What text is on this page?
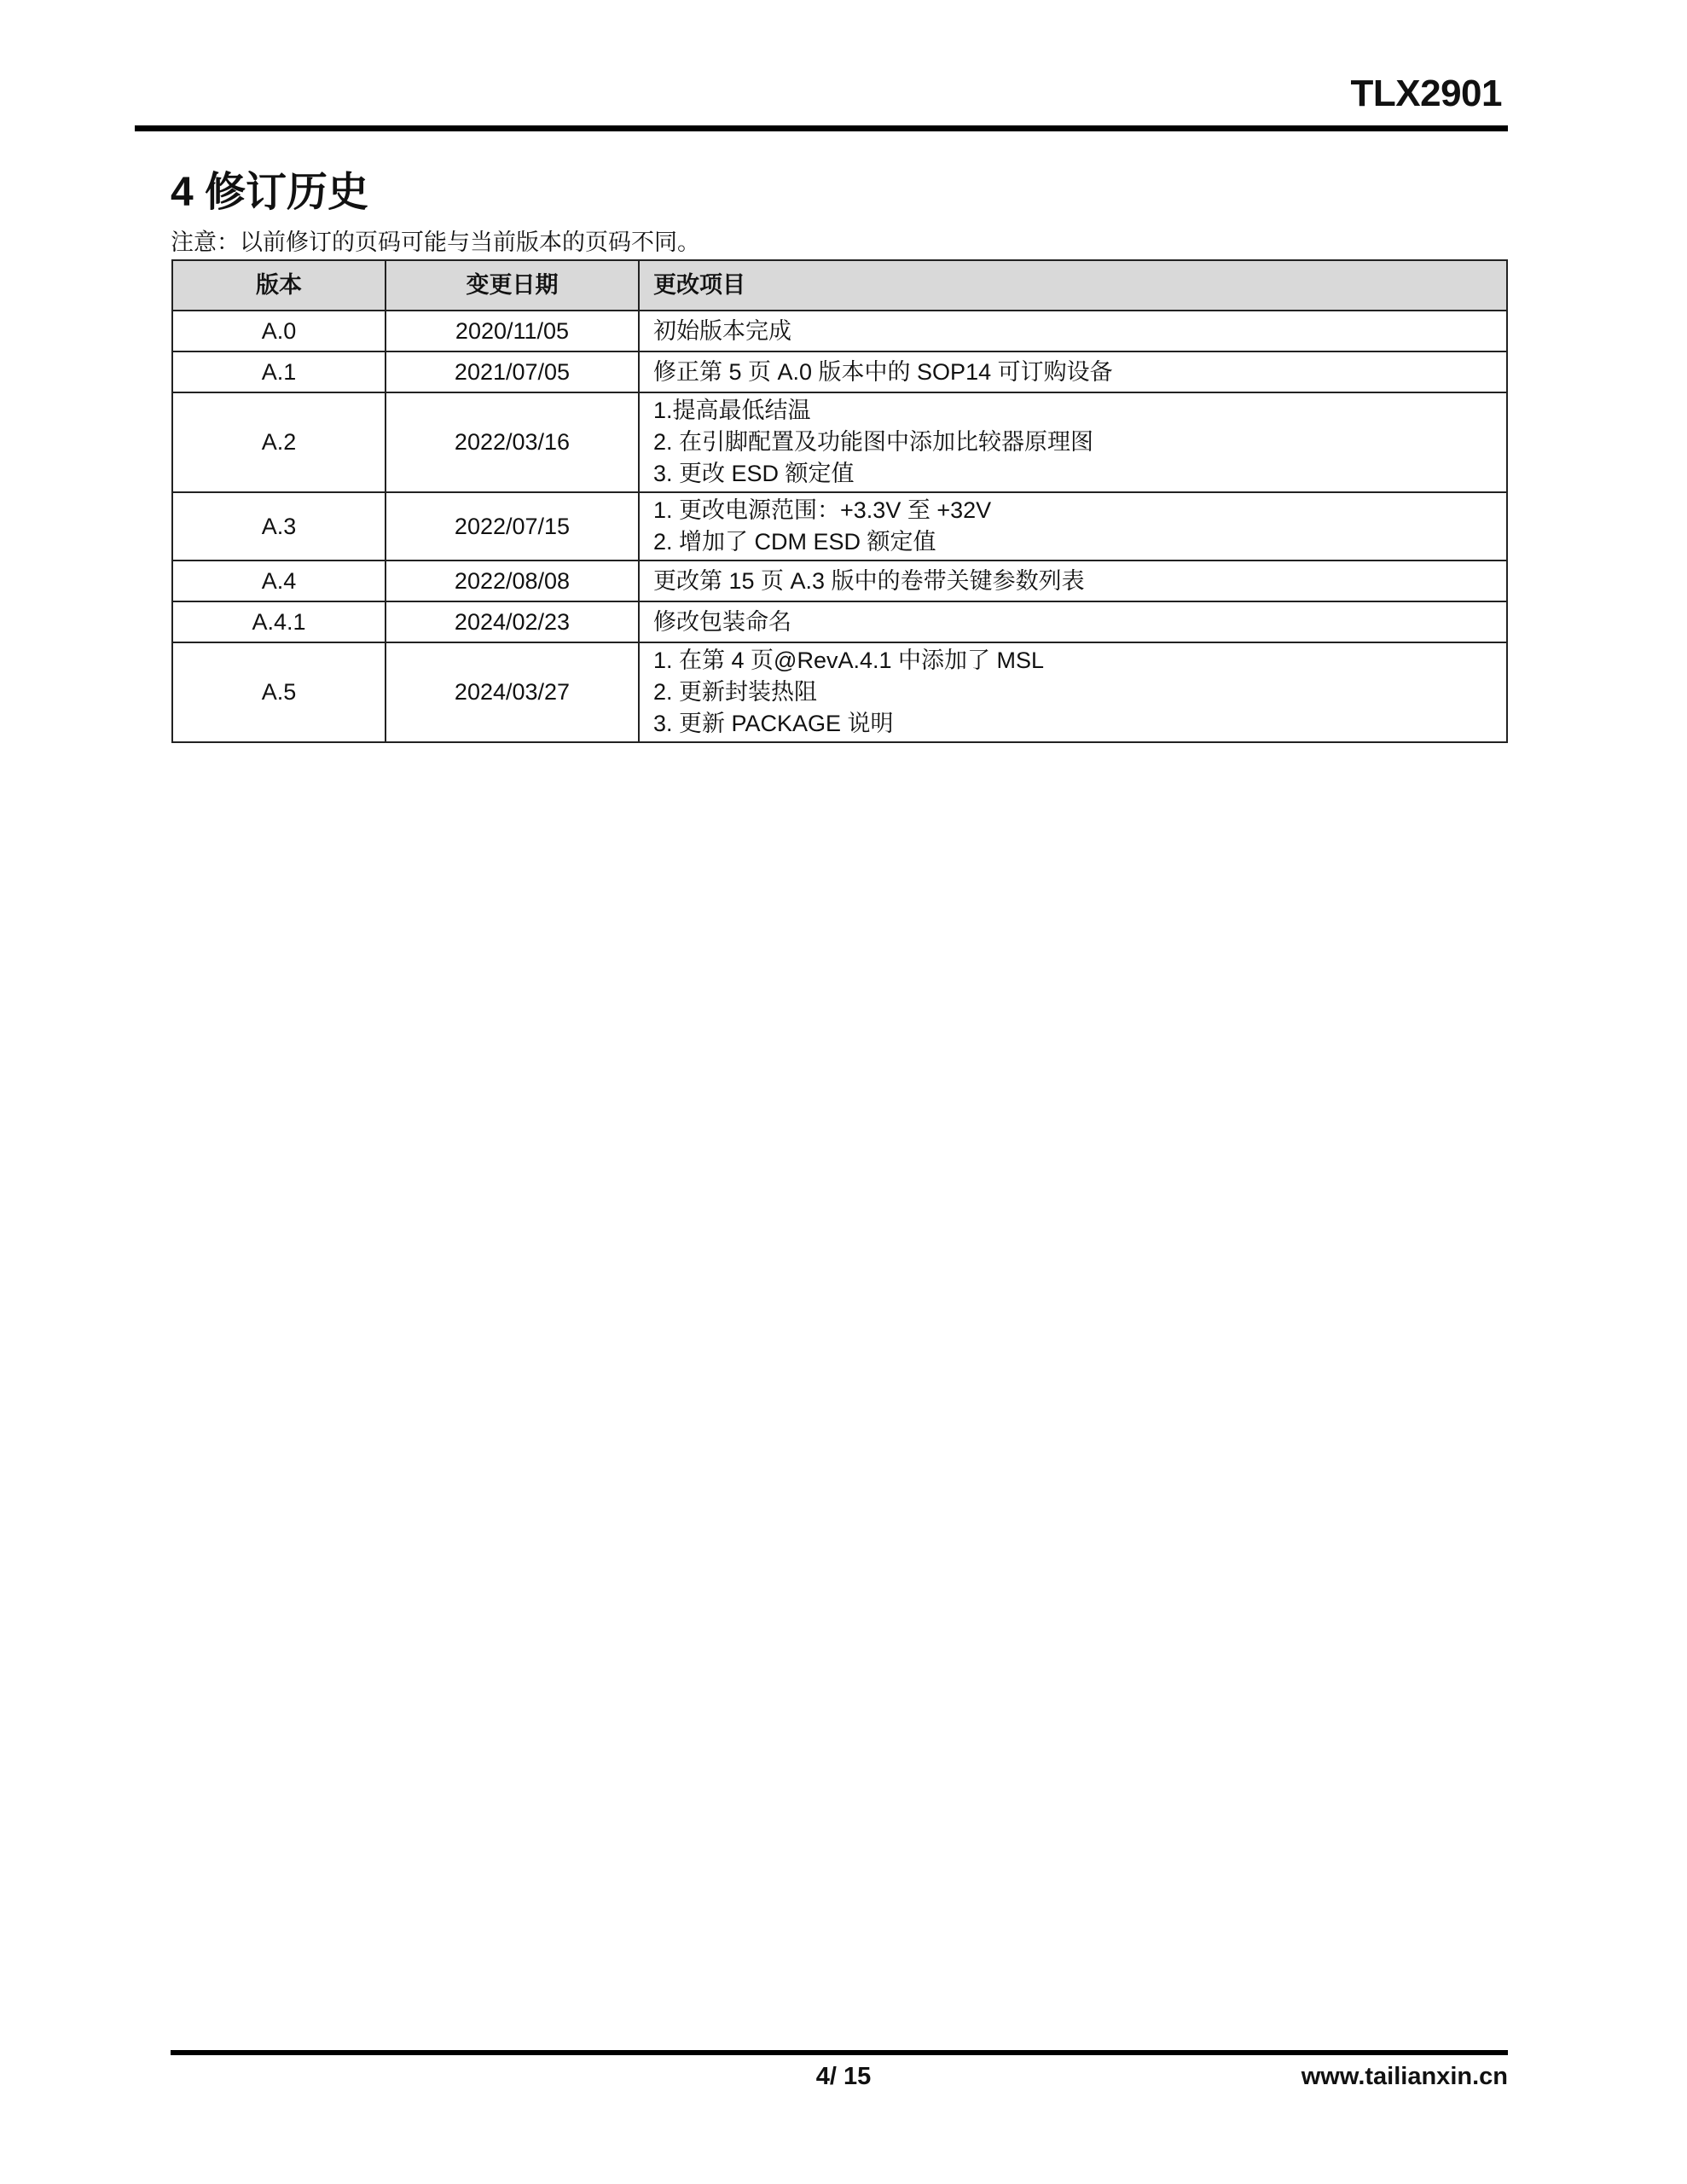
TLX2901
4 修订历史
注意：以前修订的页码可能与当前版本的页码不同。
版本	变更日期	更改项目
A.0	2020/11/05	初始版本完成

A.1	2021/07/05	修正第 5 页 A.0 版本中的 SOP14 可订购设备

A.2	2022/03/16	1.提高最低结温
2. 在引脚配置及功能图中添加比较器原理图
3. 更改 ESD 额定值

A.3	2022/07/15	1. 更改电源范围：+3.3V 至 +32V
2. 增加了 CDM ESD 额定值

A.4	2022/08/08	更改第 15 页 A.3 版中的卷带关键参数列表

A.4.1	2024/02/23	修改包装命名

A.5	2024/03/27	1. 在第 4 页@RevA.4.1 中添加了 MSL
2. 更新封装热阻
3. 更新 PACKAGE 说明
4/ 15	www.tailianxin.cn
